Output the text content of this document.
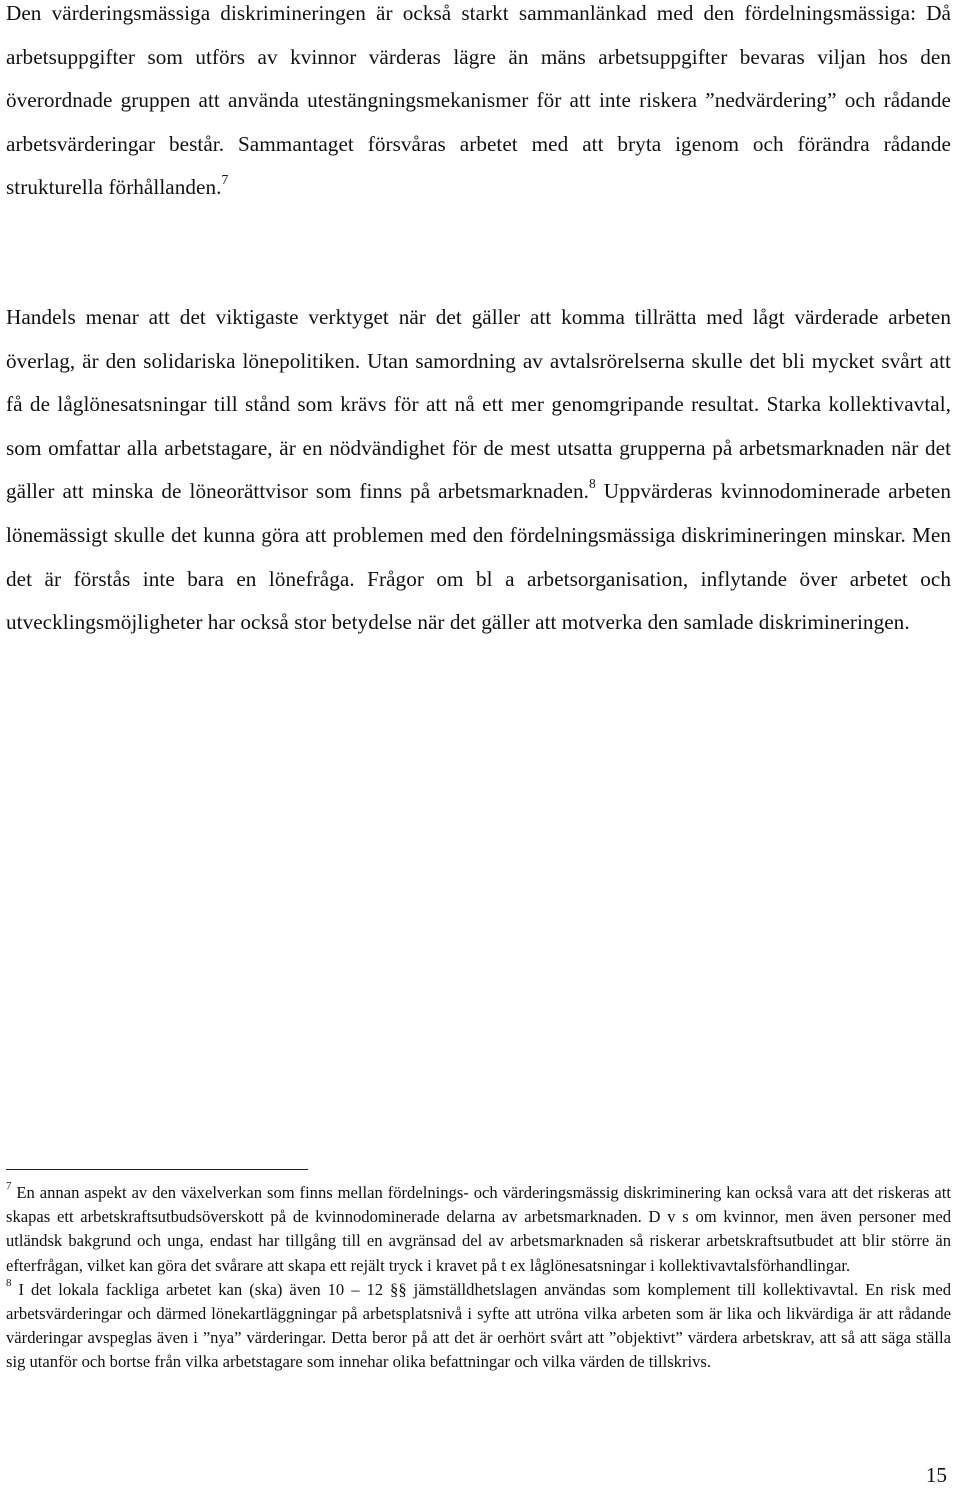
Den värderingsmässiga diskrimineringen är också starkt sammanlänkad med den fördelningsmässiga: Då arbetsuppgifter som utförs av kvinnor värderas lägre än mäns arbetsuppgifter bevaras viljan hos den överordnade gruppen att använda utestängningsmekanismer för att inte riskera ”nedvärdering” och rådande arbetsvärderingar består. Sammantaget försvåras arbetet med att bryta igenom och förändra rådande strukturella förhållanden.$^7$

Handels menar att det viktigaste verktyget när det gäller att komma tillrätta med lågt värderade arbeten överlag, är den solidariska lönepolitiken. Utan samordning av avtalsrörelserna skulle det bli mycket svårt att få de låglönesatsningar till stånd som krävs för att nå ett mer genomgripande resultat. Starka kollektivavtal, som omfattar alla arbetstagare, är en nödvändighet för de mest utsatta grupperna på arbetsmarknaden när det gäller att minska de löneorättvisor som finns på arbetsmarknaden.$^8$ Uppvärderas kvinnodominerade arbeten lönemässigt skulle det kunna göra att problemen med den fördelningsmässiga diskrimineringen minskar. Men det är förstås inte bara en lönefråga. Frågor om bl a arbetsorganisation, inflytande över arbetet och utvecklingsmöjligheter har också stor betydelse när det gäller att motverka den samlade diskrimineringen.

$^7$ En annan aspekt av den växelverkan som finns mellan fördelnings- och värderingsmässig diskriminering kan också vara att det riskeras att skapas ett arbetskraftsutbudsöverskott på de kvinnodominerade delarna av arbetsmarknaden. D v s om kvinnor, men även personer med utländsk bakgrund och unga, endast har tillgång till en avgränsad del av arbetsmarknaden så riskerar arbetskraftsutbudet att blir större än efterfrågan, vilket kan göra det svårare att skapa ett rejält tryck i kravet på t ex låglönesatsningar i kollektivavtalsförhandlingar.

$^8$ I det lokala fackliga arbetet kan (ska) även 10 – 12 §§ jämställdhetslagen användas som komplement till kollektivavtal. En risk med arbetsvärderingar och därmed lönekartläggningar på arbetsplatsnivå i syfte att utröna vilka arbeten som är lika och likvärdiga är att rådande värderingar avspeglas även i ”nya” värderingar. Detta beror på att det är oerhört svårt att ”objektivt” värdera arbetskrav, att så att säga ställa sig utanför och bortse från vilka arbetstagare som innehar olika befattningar och vilka värden de tillskrivs.

15
